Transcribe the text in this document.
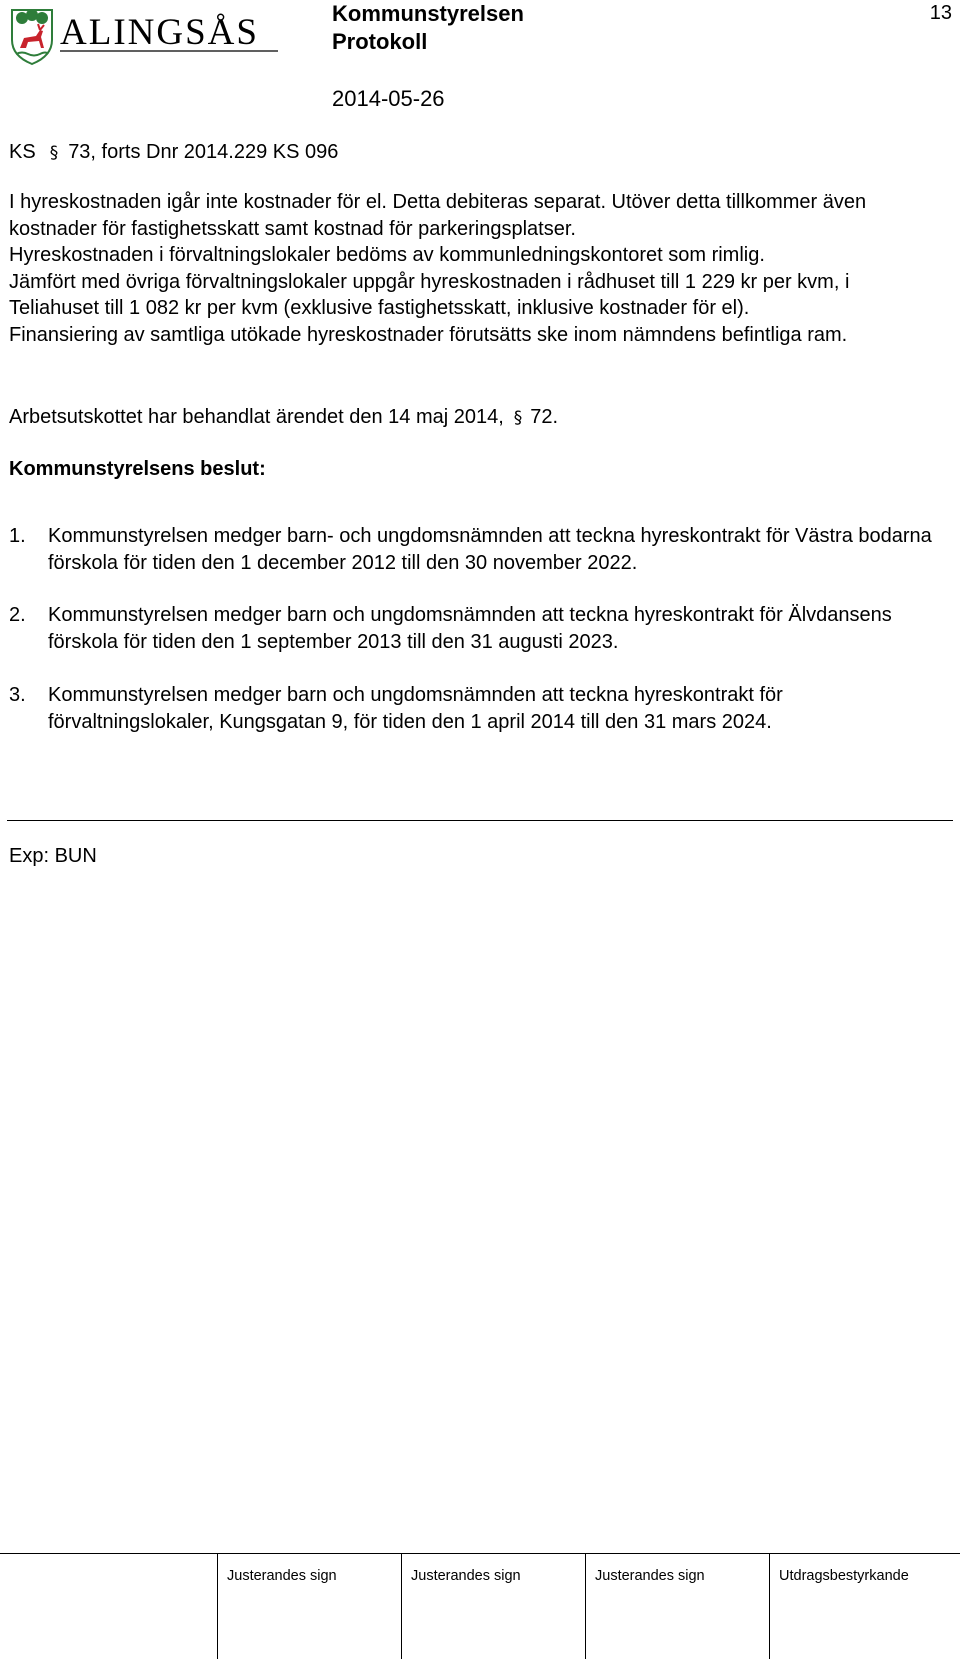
ALINGSÅS	Kommunstyrelsen
Protokoll
2014-05-26
13
KS § 73, forts Dnr 2014.229 KS 096

I hyreskostnaden igår inte kostnader för el. Detta debiteras separat. Utöver detta tillkommer även kostnader för fastighetsskatt samt kostnad för parkeringsplatser.

Hyreskostnaden i förvaltningslokaler bedöms av kommunledningskontoret som rimlig.

Jämfört med övriga förvaltningslokaler uppgår hyreskostnaden i rådhuset till 1 229 kr per kvm, i Teliahuset till 1 082 kr per kvm (exklusive fastighetsskatt, inklusive kostnader för el).

Finansiering av samtliga utökade hyreskostnader förutsätts ske inom nämndens befintliga ram.

Arbetsutskottet har behandlat ärendet den 14 maj 2014, § 72.
Kommunstyrelsens beslut:
1. Kommunstyrelsen medger barn- och ungdomsnämnden att teckna hyreskontrakt för Västra bodarna förskola för tiden den 1 december 2012 till den 30 november 2022.
2. Kommunstyrelsen medger barn och ungdomsnämnden att teckna hyreskontrakt för Älvdansens förskola för tiden den 1 september 2013 till den 31 augusti 2023.
3. Kommunstyrelsen medger barn och ungdomsnämnden att teckna hyreskontrakt för förvaltningslokaler, Kungsgatan 9, för tiden den 1 april 2014 till den 31 mars 2024.
Exp: BUN
Justerandes sign	Justerandes sign	Justerandes sign	Utdragsbestyrkande
